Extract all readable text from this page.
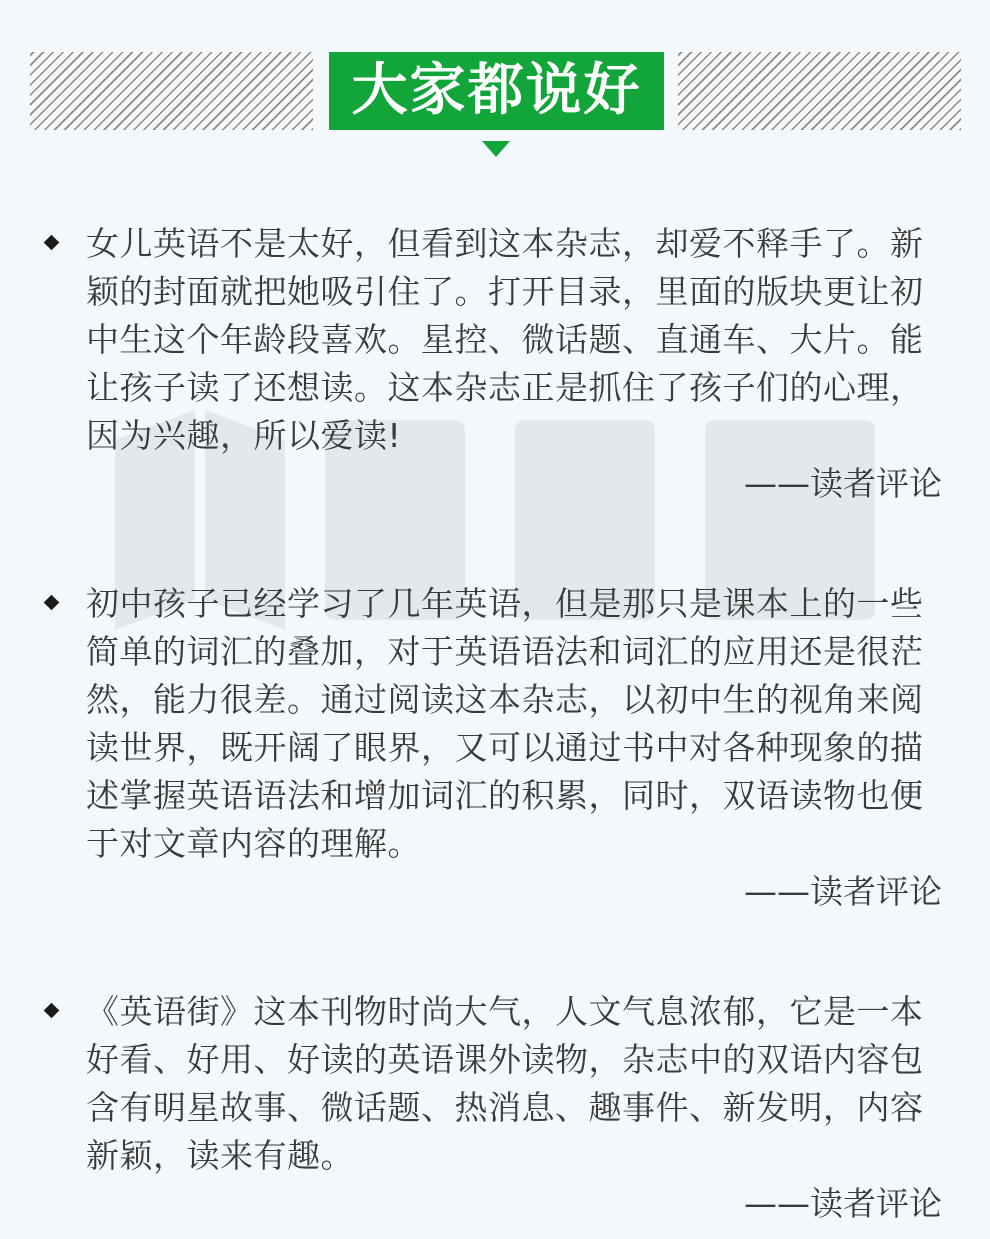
大家都说好
女儿英语不是太好，但看到这本杂志，却爱不释手了。新颖的封面就把她吸引住了。打开目录，里面的版块更让初中生这个年龄段喜欢。星控、微话题、直通车、大片。能让孩子读了还想读。这本杂志正是抓住了孩子们的心理，因为兴趣，所以爱读!
——读者评论
初中孩子已经学习了几年英语，但是那只是课本上的一些简单的词汇的叠加，对于英语语法和词汇的应用还是很茫然，能力很差。通过阅读这本杂志，以初中生的视角来阅读世界，既开阔了眼界，又可以通过书中对各种现象的描述掌握英语语法和增加词汇的积累，同时，双语读物也便于对文章内容的理解。
——读者评论
《英语街》这本刊物时尚大气，人文气息浓郁，它是一本好看、好用、好读的英语课外读物，杂志中的双语内容包含有明星故事、微话题、热消息、趣事件、新发明，内容新颖，读来有趣。
——读者评论
